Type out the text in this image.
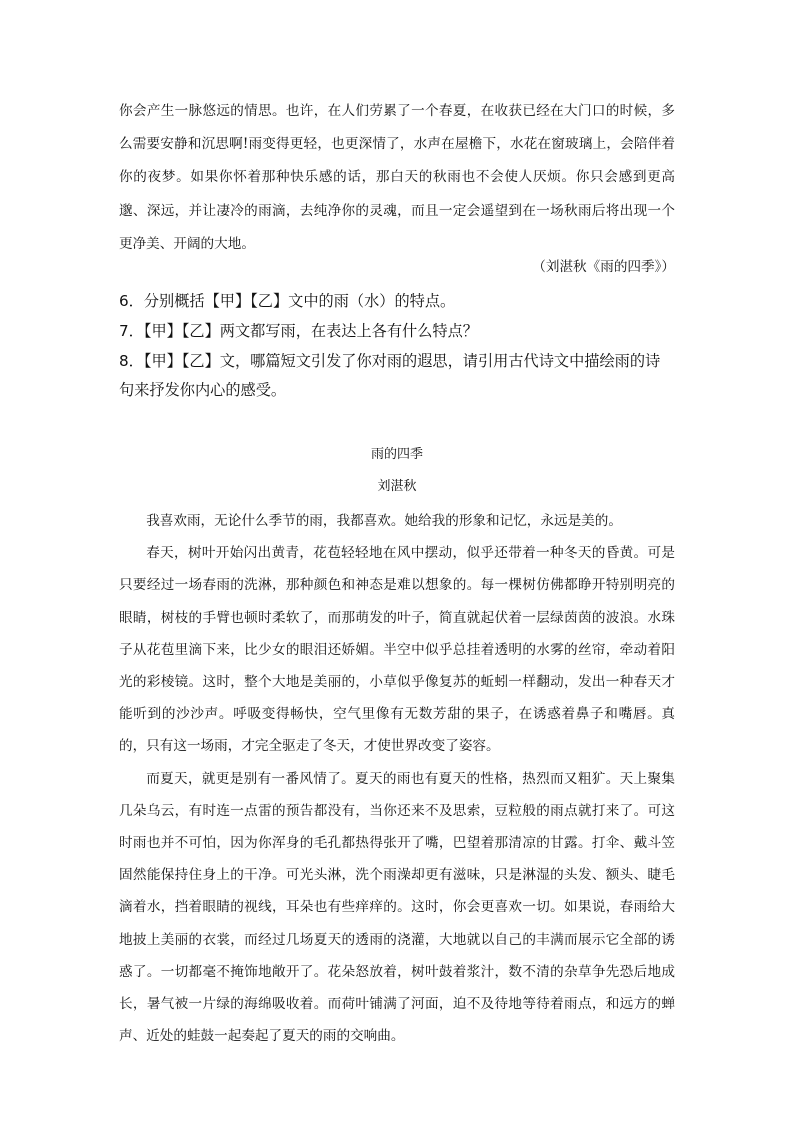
你会产生一脉悠远的情思。也许，在人们劳累了一个春夏，在收获已经在大门口的时候，多么需要安静和沉思啊!雨变得更轻，也更深情了，水声在屋檐下，水花在窗玻璃上，会陪伴着你的夜梦。如果你怀着那种快乐感的话，那白天的秋雨也不会使人厌烦。你只会感到更高邈、深远，并让凄冷的雨滴，去纯净你的灵魂，而且一定会遥望到在一场秋雨后将出现一个更净美、开阔的大地。
（刘湛秋《雨的四季》）
6．分别概括【甲】【乙】文中的雨（水）的特点。
7．【甲】【乙】两文都写雨，在表达上各有什么特点？
8．【甲】【乙】文，哪篇短文引发了你对雨的遐思，请引用古代诗文中描绘雨的诗句来抒发你内心的感受。
雨的四季
刘湛秋

我喜欢雨，无论什么季节的雨，我都喜欢。她给我的形象和记忆，永远是美的。

春天，树叶开始闪出黄青，花苞轻轻地在风中摆动，似乎还带着一种冬天的昏黄。可是只要经过一场春雨的洗淋，那种颜色和神态是难以想象的。每一棵树仿佛都睁开特别明亮的眼睛，树枝的手臂也顿时柔软了，而那萌发的叶子，简直就起伏着一层绿茵茵的波浪。水珠子从花苞里滴下来，比少女的眼泪还娇媚。半空中似乎总挂着透明的水雾的丝帘，牵动着阳光的彩棱镜。这时，整个大地是美丽的，小草似乎像复苏的蚯蚓一样翻动，发出一种春天才能听到的沙沙声。呼吸变得畅快，空气里像有无数芳甜的果子，在诱惑着鼻子和嘴唇。真的，只有这一场雨，才完全驱走了冬天，才使世界改变了姿容。

而夏天，就更是别有一番风情了。夏天的雨也有夏天的性格，热烈而又粗犷。天上聚集几朵乌云，有时连一点雷的预告都没有，当你还来不及思索，豆粒般的雨点就打来了。可这时雨也并不可怕，因为你浑身的毛孔都热得张开了嘴，巴望着那清凉的甘露。打伞、戴斗笠固然能保持住身上的干净。可光头淋，洗个雨澡却更有滋味，只是淋湿的头发、额头、睫毛滴着水，挡着眼睛的视线，耳朵也有些痒痒的。这时，你会更喜欢一切。如果说，春雨给大地披上美丽的衣裳，而经过几场夏天的透雨的浇灌，大地就以自己的丰满而展示它全部的诱惑了。一切都毫不掩饰地敞开了。花朵怒放着，树叶鼓着浆汁，数不清的杂草争先恐后地成长，暑气被一片绿的海绵吸收着。而荷叶铺满了河面，迫不及待地等待着雨点，和远方的蝉声、近处的蛙鼓一起奏起了夏天的雨的交响曲。
